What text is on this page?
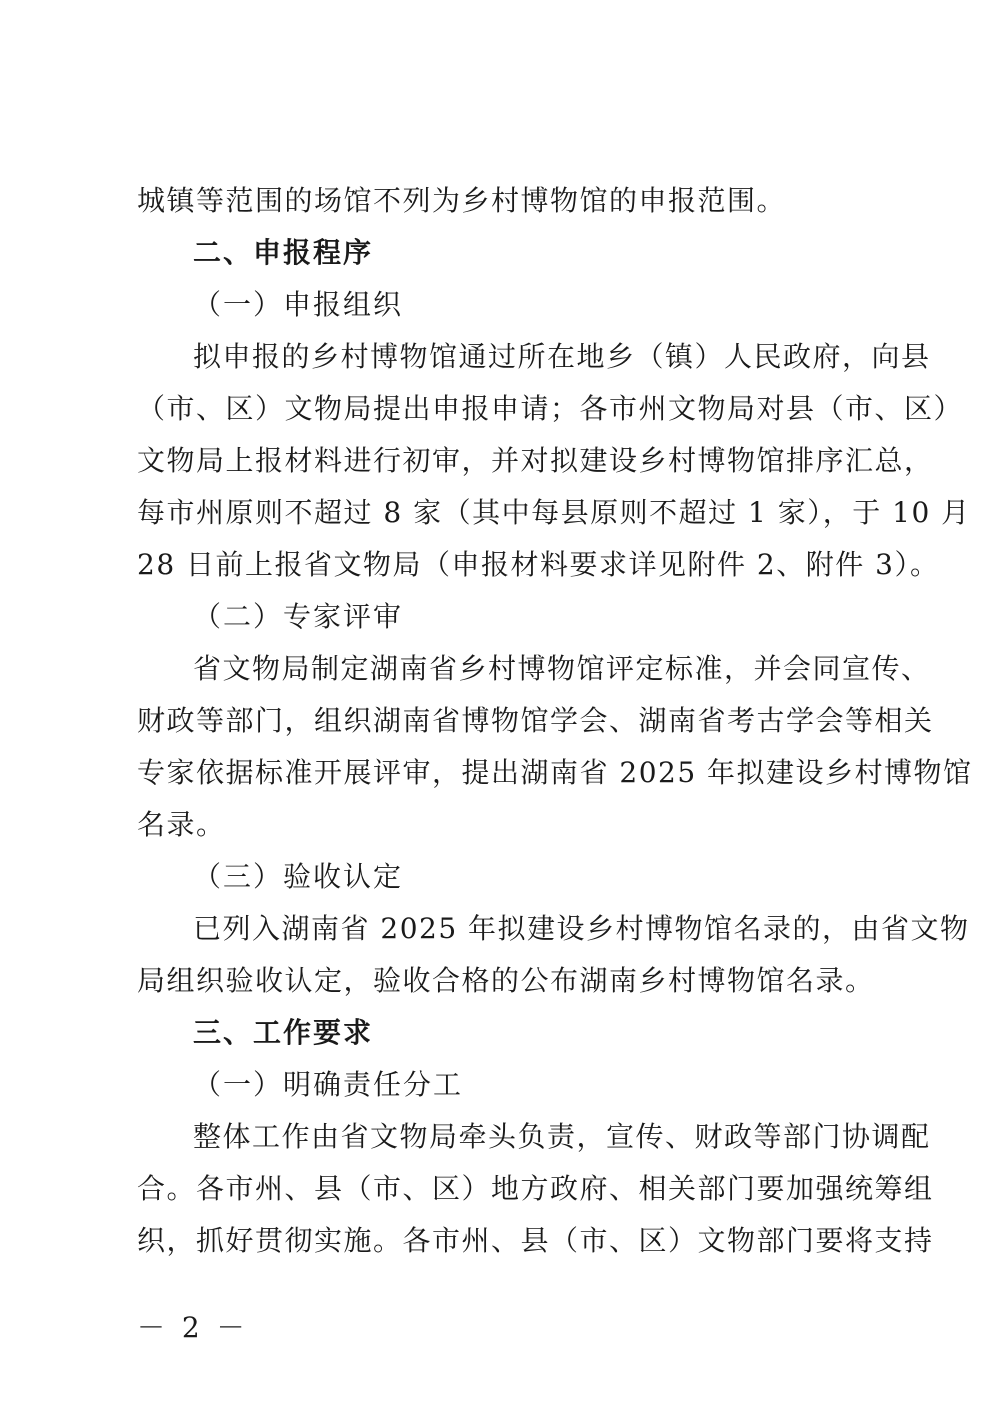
城镇等范围的场馆不列为乡村博物馆的申报范围。
二、申报程序
（一）申报组织
拟申报的乡村博物馆通过所在地乡（镇）人民政府，向县
（市、区）文物局提出申报申请；各市州文物局对县（市、区）
文物局上报材料进行初审，并对拟建设乡村博物馆排序汇总，
每市州原则不超过 8 家（其中每县原则不超过 1 家），于 10 月
28 日前上报省文物局（申报材料要求详见附件 2、附件 3）。
（二）专家评审
省文物局制定湖南省乡村博物馆评定标准，并会同宣传、
财政等部门，组织湖南省博物馆学会、湖南省考古学会等相关
专家依据标准开展评审，提出湖南省 2025 年拟建设乡村博物馆
名录。
（三）验收认定
已列入湖南省 2025 年拟建设乡村博物馆名录的，由省文物
局组织验收认定，验收合格的公布湖南乡村博物馆名录。
三、工作要求
（一）明确责任分工
整体工作由省文物局牵头负责，宣传、财政等部门协调配
合。各市州、县（市、区）地方政府、相关部门要加强统筹组
织，抓好贯彻实施。各市州、县（市、区）文物部门要将支持
－ 2 －
